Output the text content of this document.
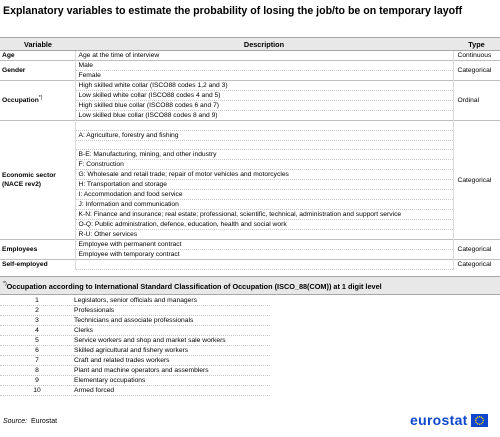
Explanatory variables to estimate the probability of losing the job/to be on temporary layoff
Variable	Description	Type
Age	Age at the time of interview	Continuous
Gender	Male	Categorical
	Female	
Occupation*)	High skilled white collar (ISCO88 codes 1,2 and 3)	Ordinal
	Low skilled white collar (ISCO88 codes 4 and 5)	
	High skilled blue collar (ISCO88 codes 6 and 7)	
	Low skilled blue collar (ISCO88 codes 8 and 9)	
Economic sector (NACE rev2)		Categorical
	A: Agriculture, forestry and fishing	

	B-E: Manufacturing, mining, and other industry	
	F: Construction	
	G: Wholesale and retail trade; repair of motor vehicles and motorcycles	
	H: Transportation and storage	
	I: Accommodation and food service	
	J: Information and communication	
	K-N: Finance and insurance; real estate; professional, scientific, technical, administration and support service	
	O-Q: Public administration, defence, education, health and social work	
	R-U: Other services	
Employees	Employee with permanent contract	Categorical
	Employee with temporary contract	
Self-employed		Categorical
*)Occupation according to International Standard Classification of Occupation (ISCO_88(COM)) at 1 digit level
1	Legislators, senior officials and managers
2	Professionals
3	Technicians and associate professionals
4	Clerks
5	Service workers and shop and market sale workers
6	Skilled agricultural and fishery workers
7	Craft and related trades workers
8	Plant and machine operators and assemblers
9	Elementary occupations
10	Armed forced
Source: Eurostat	eurostat
